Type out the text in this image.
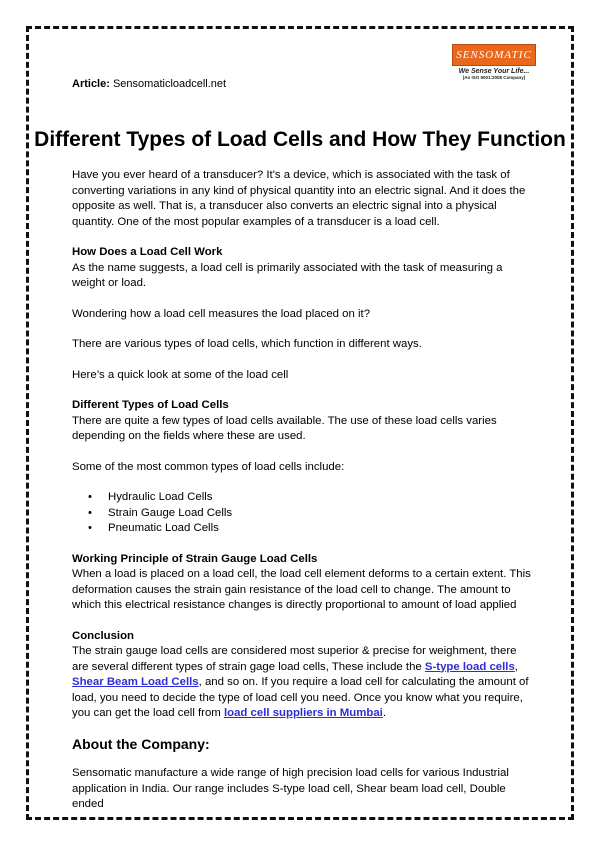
Article: Sensomaticloadcell.net
SENSOMATIC
We Sense Your Life...
(An ISO 9001:2008 Company)
Different Types of Load Cells and How They Function

Have you ever heard of a transducer? It's a device, which is associated with the task of converting variations in any kind of physical quantity into an electric signal. And it does the opposite as well. That is, a transducer also converts an electric signal into a physical quantity. One of the most popular examples of a transducer is a load cell.

How Does a Load Cell Work

As the name suggests, a load cell is primarily associated with the task of measuring a weight or load.

Wondering how a load cell measures the load placed on it?

There are various types of load cells, which function in different ways.

Here’s a quick look at some of the load cell

Different Types of Load Cells

There are quite a few types of load cells available. The use of these load cells varies depending on the fields where these are used.

Some of the most common types of load cells include:

• Hydraulic Load Cells
• Strain Gauge Load Cells
• Pneumatic Load Cells
Working Principle of Strain Gauge Load Cells

When a load is placed on a load cell, the load cell element deforms to a certain extent. This deformation causes the strain gain resistance of the load cell to change. The amount to which this electrical resistance changes is directly proportional to amount of load applied

Conclusion

The strain gauge load cells are considered most superior & precise for weighment, there are several different types of strain gage load cells, These include the S-type load cells, Shear Beam Load Cells, and so on. If you require a load cell for calculating the amount of load, you need to decide the type of load cell you need. Once you know what you require, you can get the load cell from load cell suppliers in Mumbai.

About the Company:

Sensomatic manufacture a wide range of high precision load cells for various Industrial application in India. Our range includes S-type load cell, Shear beam load cell, Double ended
